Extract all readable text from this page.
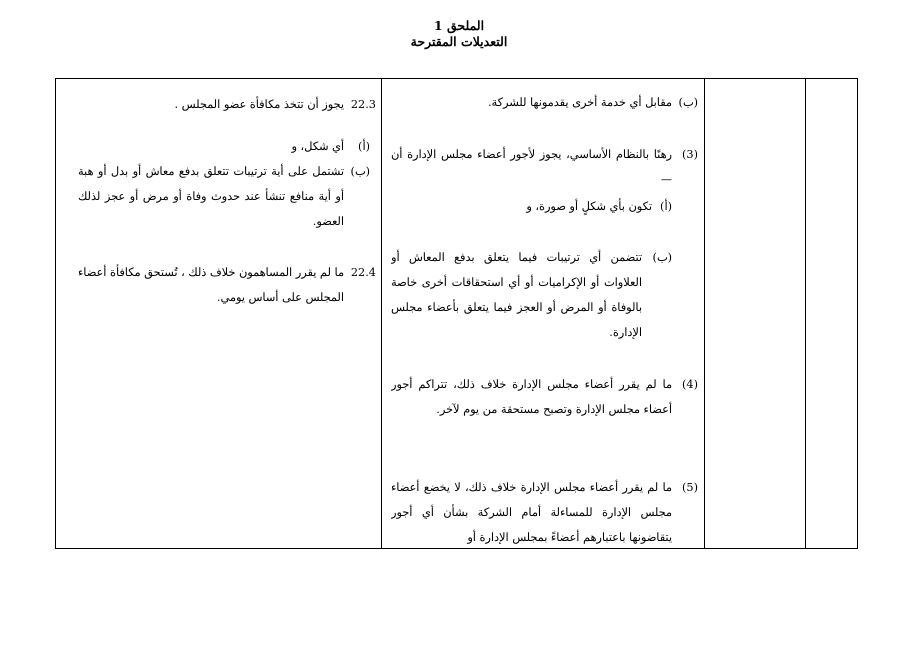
الملحق 1
التعديلات المقترحة
(ب)
مقابل أي خدمة أخرى يقدمونها للشركة.
(3)
رهنًا بالنظام الأساسي، يجوز لأجور أعضاء مجلس الإدارة أن—
(أ)
تكون بأي شكلٍ أو صورة، و
(ب)
تتضمن أي ترتيبات فيما يتعلق بدفع المعاش أو العلاوات أو الإكراميات أو أي استحقاقات أخرى خاصة بالوفاة أو المرض أو العجز فيما يتعلق بأعضاء مجلس الإدارة.
(4)
ما لم يقرر أعضاء مجلس الإدارة خلاف ذلك، تتراكم أجور أعضاء مجلس الإدارة وتصبح مستحقة من يوم لآخر.
(5)
ما لم يقرر أعضاء مجلس الإدارة خلاف ذلك، لا يخضع أعضاء مجلس الإدارة للمساءلة أمام الشركة بشأن أي أجور يتقاضونها باعتبارهم أعضاءً بمجلس الإدارة أو
22.3
يجوز أن تتخذ مكافأة عضو المجلس .
(أ)
أي شكل، و
(ب)
تشتمل على أية ترتيبات تتعلق بدفع معاش أو بدل أو هبة أو أية منافع تنشأ عند حدوث وفاة أو مرض أو عجز لذلك العضو.
22.4
ما لم يقرر المساهمون خلاف ذلك ، تُستحق مكافأة أعضاء المجلس على أساس يومي.
